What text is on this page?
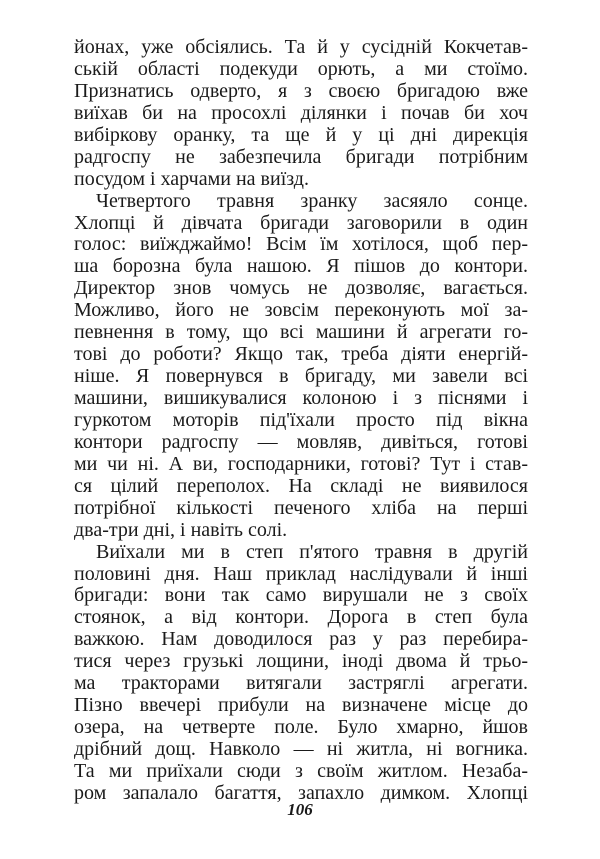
йонах, уже обсіялись. Та й у сусідній Кокчетав-
ській області подекуди орють, а ми стоїмо.
Признатись одверто, я з своєю бригадою вже
виїхав би на просохлі ділянки і почав би хоч
вибіркову оранку, та ще й у ці дні дирекція
радгоспу не забезпечила бригади потрібним
посудом і харчами на виїзд.
Четвертого травня зранку засяяло сонце.
Хлопці й дівчата бригади заговорили в один
голос: виїжджаймо! Всім їм хотілося, щоб пер-
ша борозна була нашою. Я пішов до контори.
Директор знов чомусь не дозволяє, вагається.
Можливо, його не зовсім переконують мої за-
певнення в тому, що всі машини й агрегати го-
тові до роботи? Якщо так, треба діяти енергій-
ніше. Я повернувся в бригаду, ми завели всі
машини, вишикувалися колоною і з піснями і
гуркотом моторів під'їхали просто під вікна
контори радгоспу — мовляв, дивіться, готові
ми чи ні. А ви, господарники, готові? Тут і став-
ся цілий переполох. На складі не виявилося
потрібної кількості печеного хліба на перші
два-три дні, і навіть солі.
Виїхали ми в степ п'ятого травня в другій
половині дня. Наш приклад наслідували й інші
бригади: вони так само вирушали не з своїх
стоянок, а від контори. Дорога в степ була
важкою. Нам доводилося раз у раз перебира-
тися через грузькі лощини, іноді двома й трьо-
ма тракторами витягали застряглі агрегати.
Пізно ввечері прибули на визначене місце до
озера, на четверте поле. Було хмарно, йшов
дрібний дощ. Навколо — ні житла, ні вогника.
Та ми приїхали сюди з своїм житлом. Незаба-
ром запалало багаття, запахло димком. Хлопці
106
